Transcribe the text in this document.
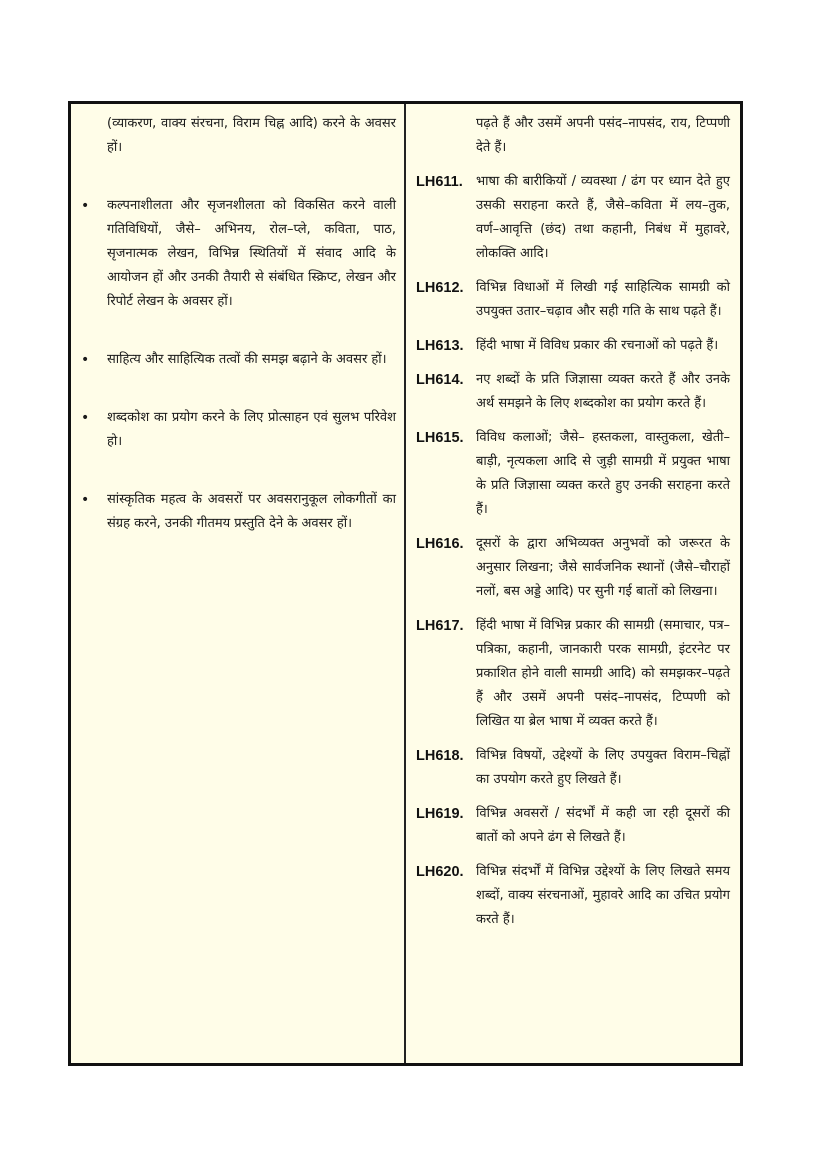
(व्याकरण, वाक्य संरचना, विराम चिह्न आदि) करने के अवसर हों।
•	कल्पनाशीलता और सृजनशीलता को विकसित करने वाली गतिविधियों, जैसे– अभिनय, रोल–प्ले, कविता, पाठ, सृजनात्मक लेखन, विभिन्न स्थितियों में संवाद आदि के आयोजन हों और उनकी तैयारी से संबंधित स्क्रिप्ट, लेखन और रिपोर्ट लेखन के अवसर हों।
•	साहित्य और साहित्यिक तत्वों की समझ बढ़ाने के अवसर हों।
•	शब्दकोश का प्रयोग करने के लिए प्रोत्साहन एवं सुलभ परिवेश हो।
•	सांस्कृतिक महत्व के अवसरों पर अवसरानुकूल लोकगीतों का संग्रह करने, उनकी गीतमय प्रस्तुति देने के अवसर हों।
पढ़ते हैं और उसमें अपनी पसंद–नापसंद, राय, टिप्पणी देते हैं।
LH611.	भाषा की बारीकियों / व्यवस्था / ढंग पर ध्यान देते हुए उसकी सराहना करते हैं, जैसे–कविता में लय–तुक, वर्ण–आवृत्ति (छंद) तथा कहानी, निबंध में मुहावरे, लोकक्ति आदि।
LH612. विभिन्न विधाओं में लिखी गई साहित्यिक सामग्री को उपयुक्त उतार–चढ़ाव और सही गति के साथ पढ़ते हैं।
LH613. हिंदी भाषा में विविध प्रकार की रचनाओं को पढ़ते हैं।
LH614. नए शब्दों के प्रति जिज्ञासा व्यक्त करते हैं और उनके अर्थ समझने के लिए शब्दकोश का प्रयोग करते हैं।
LH615. विविध कलाओं; जैसे– हस्तकला, वास्तुकला, खेती–बाड़ी, नृत्यकला आदि से जुड़ी सामग्री में प्रयुक्त भाषा के प्रति जिज्ञासा व्यक्त करते हुए उनकी सराहना करते हैं।
LH616. दूसरों के द्वारा अभिव्यक्त अनुभवों को जरूरत के अनुसार लिखना; जैसे सार्वजनिक स्थानों (जैसे–चौराहों नलों, बस अड्डे आदि) पर सुनी गई बातों को लिखना।
LH617. हिंदी भाषा में विभिन्न प्रकार की सामग्री (समाचार, पत्र–पत्रिका, कहानी, जानकारी परक सामग्री, इंटरनेट पर प्रकाशित होने वाली सामग्री आदि) को समझकर–पढ़ते हैं और उसमें अपनी पसंद–नापसंद, टिप्पणी को लिखित या ब्रेल भाषा में व्यक्त करते हैं।
LH618. विभिन्न विषयों, उद्देश्यों के लिए उपयुक्त विराम–चिह्नों का उपयोग करते हुए लिखते हैं।
LH619. विभिन्न अवसरों / संदर्भों में कही जा रही दूसरों की बातों को अपने ढंग से लिखते हैं।
LH620. विभिन्न संदर्भों में विभिन्न उद्देश्यों के लिए लिखते समय शब्दों, वाक्य संरचनाओं, मुहावरे आदि का उचित प्रयोग करते हैं।
